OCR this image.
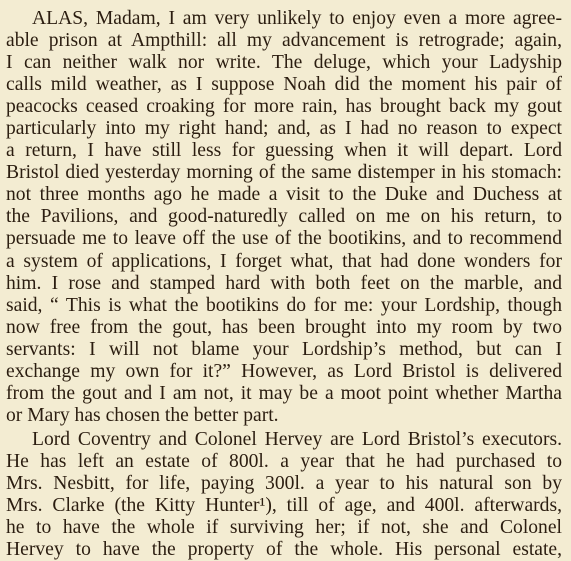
ALAS, Madam, I am very unlikely to enjoy even a more agree-
able prison at Ampthill: all my advancement is retrograde; again,
I can neither walk nor write. The deluge, which your Ladyship
calls mild weather, as I suppose Noah did the moment his pair of
peacocks ceased croaking for more rain, has brought back my gout
particularly into my right hand; and, as I had no reason to expect
a return, I have still less for guessing when it will depart. Lord
Bristol died yesterday morning of the same distemper in his stomach:
not three months ago he made a visit to the Duke and Duchess at
the Pavilions, and good-naturedly called on me on his return, to
persuade me to leave off the use of the bootikins, and to recommend
a system of applications, I forget what, that had done wonders for
him. I rose and stamped hard with both feet on the marble, and
said, “ This is what the bootikins do for me: your Lordship, though
now free from the gout, has been brought into my room by two
servants: I will not blame your Lordship’s method, but can I
exchange my own for it?” However, as Lord Bristol is delivered
from the gout and I am not, it may be a moot point whether Martha
or Mary has chosen the better part.
Lord Coventry and Colonel Hervey are Lord Bristol’s executors.
He has left an estate of 800l. a year that he had purchased to
Mrs. Nesbitt, for life, paying 300l. a year to his natural son by
Mrs. Clarke (the Kitty Hunter¹), till of age, and 400l. afterwards,
he to have the whole if surviving her; if not, she and Colonel
Hervey to have the property of the whole. His personal estate,
